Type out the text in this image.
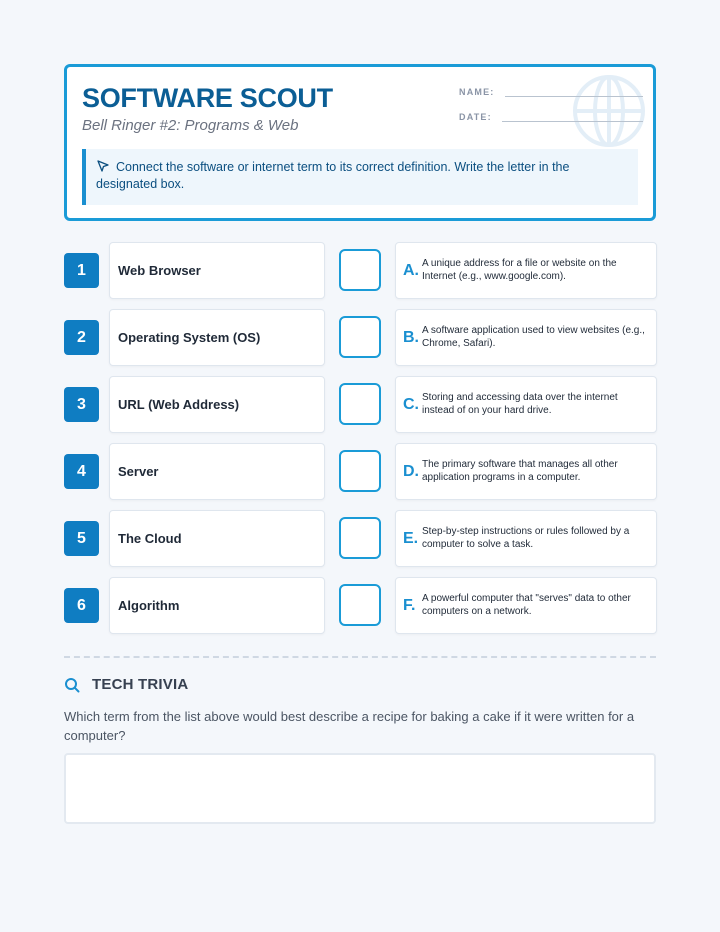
SOFTWARE SCOUT
Bell Ringer #2: Programs & Web
NAME:
DATE:
Connect the software or internet term to its correct definition. Write the letter in the designated box.
1	Web Browser	A. A unique address for a file or website on the Internet (e.g., www.google.com).
2	Operating System (OS)	B. A software application used to view websites (e.g., Chrome, Safari).
3	URL (Web Address)	C. Storing and accessing data over the internet instead of on your hard drive.
4	Server	D. The primary software that manages all other application programs in a computer.
5	The Cloud	E. Step-by-step instructions or rules followed by a computer to solve a task.
6	Algorithm	F. A powerful computer that "serves" data to other computers on a network.
TECH TRIVIA
Which term from the list above would best describe a recipe for baking a cake if it were written for a computer?
